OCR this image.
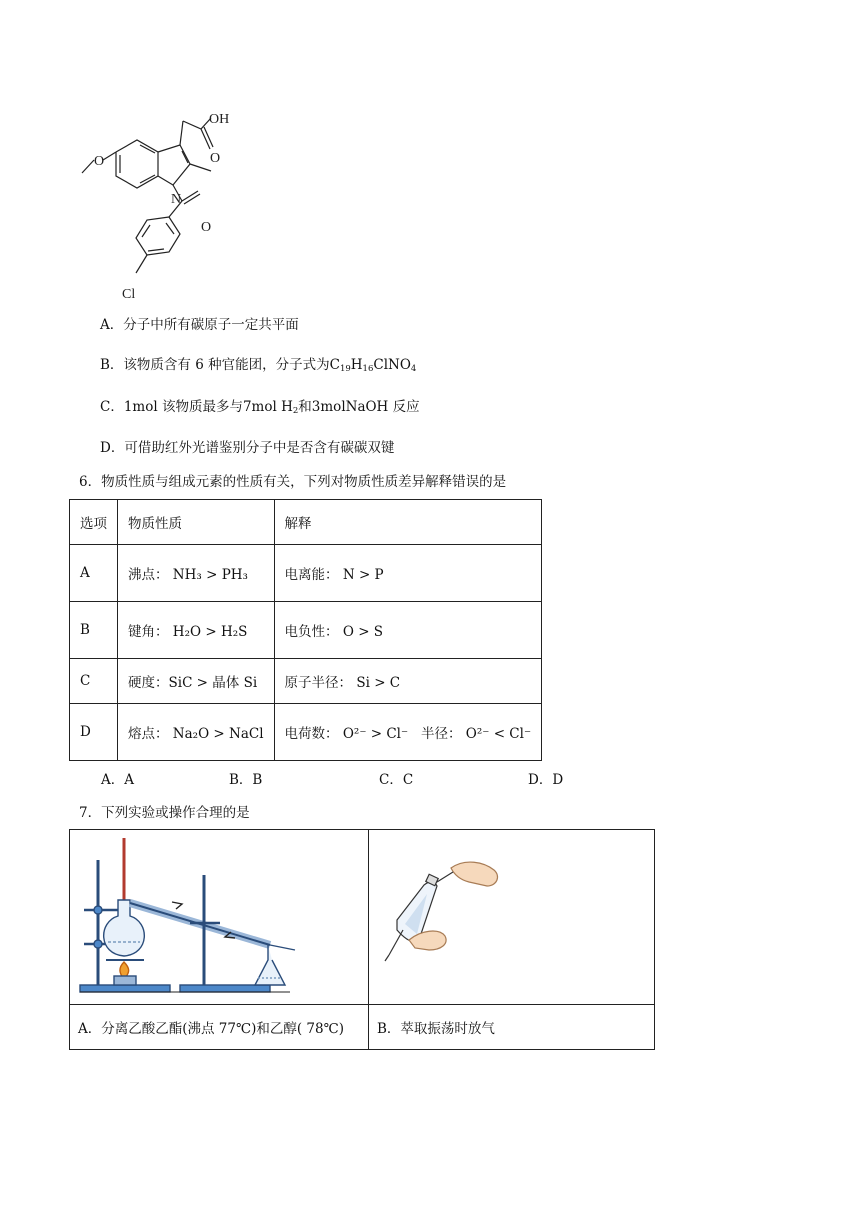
OH
O
N
O
O
Cl
A．分子中所有碳原子一定共平面
B．该物质含有 6 种官能团，分子式为$C_{19}H_{16}ClNO_4$
C．1mol 该物质最多与7mol $H_2$和3molNaOH 反应
D．可借助红外光谱鉴别分子中是否含有碳碳双键
6．物质性质与组成元素的性质有关，下列对物质性质差异解释错误的是
选项	物质性质	解释
A	沸点： NH₃ > PH₃	电离能： N > P
B	键角： H₂O > H₂S	电负性： O > S
C	硬度：SiC > 晶体 Si	原子半径： Si > C
D	熔点： Na₂O > NaCl	电荷数： O²⁻ > Cl⁻ 半径： O²⁻ < Cl⁻
A．A	B．B	C．C	D．D
7．下列实验或操作合理的是

A．分离乙酸乙酯(沸点 77℃)和乙醇( 78℃)	B．萃取振荡时放气
